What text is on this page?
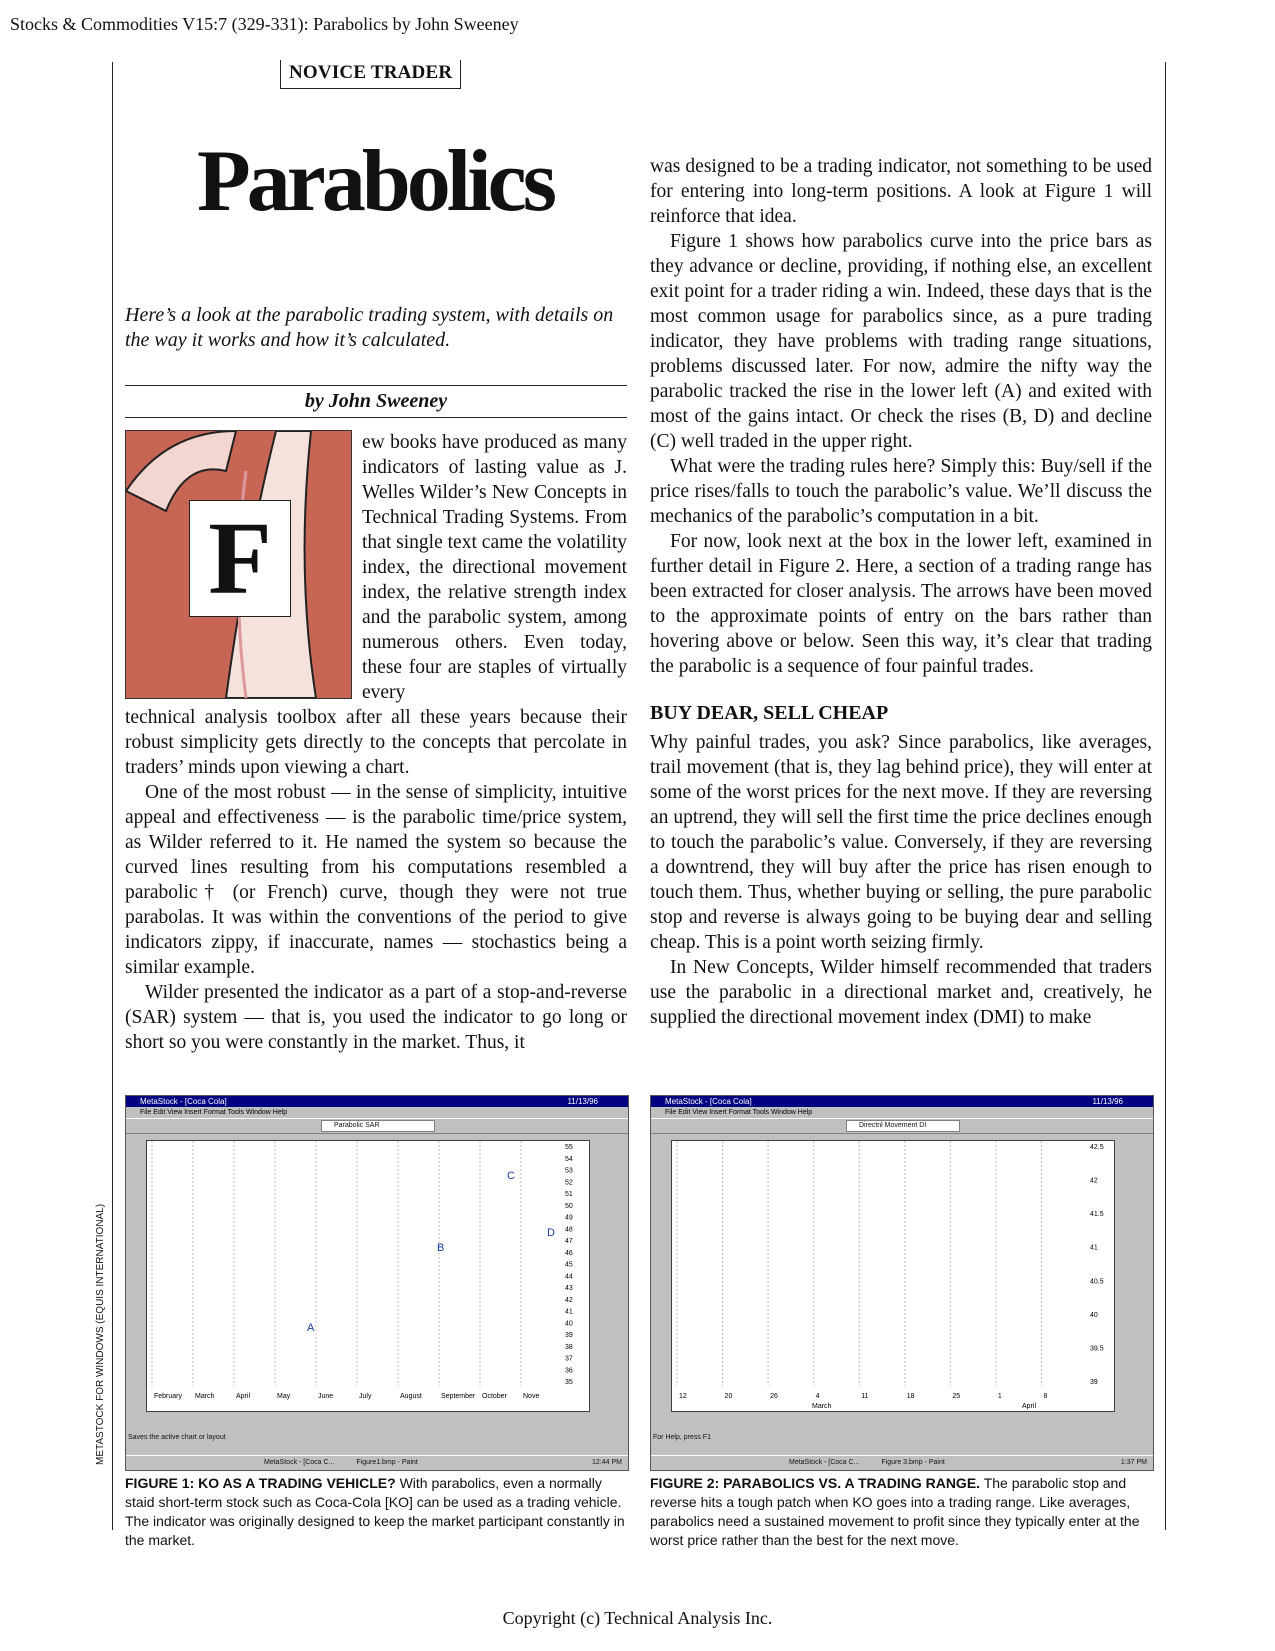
Stocks & Commodities V15:7 (329-331): Parabolics by John Sweeney
NOVICE TRADER
Parabolics
Here’s a look at the parabolic trading system, with details on the way it works and how it’s calculated.
by John Sweeney
F

ew books have produced as many indicators of lasting value as J. Welles Wilder’s New Concepts in Technical Trading Systems. From that single text came the volatility index, the directional movement index, the relative strength index and the parabolic system, among numerous others. Even today, these four are staples of virtually every

technical analysis toolbox after all these years because their robust simplicity gets directly to the concepts that percolate in traders’ minds upon viewing a chart.

One of the most robust — in the sense of simplicity, intuitive appeal and effectiveness — is the parabolic time/price system, as Wilder referred to it. He named the system so because the curved lines resulting from his computations resembled a parabolic† (or French) curve, though they were not true parabolas. It was within the conventions of the period to give indicators zippy, if inaccurate, names — stochastics being a similar example.

Wilder presented the indicator as a part of a stop-and-reverse (SAR) system — that is, you used the indicator to go long or short so you were constantly in the market. Thus, it

was designed to be a trading indicator, not something to be used for entering into long-term positions. A look at Figure 1 will reinforce that idea.

Figure 1 shows how parabolics curve into the price bars as they advance or decline, providing, if nothing else, an excellent exit point for a trader riding a win. Indeed, these days that is the most common usage for parabolics since, as a pure trading indicator, they have problems with trading range situations, problems discussed later. For now, admire the nifty way the parabolic tracked the rise in the lower left (A) and exited with most of the gains intact. Or check the rises (B, D) and decline (C) well traded in the upper right.

What were the trading rules here? Simply this: Buy/sell if the price rises/falls to touch the parabolic’s value. We’ll discuss the mechanics of the parabolic’s computation in a bit.

For now, look next at the box in the lower left, examined in further detail in Figure 2. Here, a section of a trading range has been extracted for closer analysis. The arrows have been moved to the approximate points of entry on the bars rather than hovering above or below. Seen this way, it’s clear that trading the parabolic is a sequence of four painful trades.

BUY DEAR, SELL CHEAP

Why painful trades, you ask? Since parabolics, like averages, trail movement (that is, they lag behind price), they will enter at some of the worst prices for the next move. If they are reversing an uptrend, they will sell the first time the price declines enough to touch the parabolic’s value. Conversely, if they are reversing a downtrend, they will buy after the price has risen enough to touch them. Thus, whether buying or selling, the pure parabolic stop and reverse is always going to be buying dear and selling cheap. This is a point worth seizing firmly.

In New Concepts, Wilder himself recommended that traders use the parabolic in a directional market and, creatively, he supplied the directional movement index (DMI) to make

MetaStock - [Coca Cola]	11/13/96
File Edit View Insert Format Tools Window Help
Parabolic SAR
35
36
37
38
39
40
41
42
43
44
45
46
47
48
49
50
51
52
53
54
55
February March	April	May	June	July	August	September October Nove
A
B
C
D
Saves the active chart or layout
MetaStock - [Coca C...	Figure1.bmp - Paint	12:44 PM
FIGURE 1: KO AS A TRADING VEHICLE? With parabolics, even a normally staid short-term stock such as Coca-Cola [KO] can be used as a trading vehicle. The indicator was originally designed to keep the market participant constantly in the market.
MetaStock - [Coca Cola]	11/13/96
File Edit View Insert Format Tools Window Help
Directnl Movement DI
39
39.5
40
40.5
41
41.5
42
42.5
12	20	26	4	11	18	25	1	8
March	April
For Help, press F1
MetaStock - [Coca C...	Figure 3.bmp - Paint	1:37 PM
FIGURE 2: PARABOLICS VS. A TRADING RANGE. The parabolic stop and reverse hits a tough patch when KO goes into a trading range. Like averages, parabolics need a sustained movement to profit since they typically enter at the worst price rather than the best for the next move.
METASTOCK FOR WINDOWS (EQUIS INTERNATIONAL)
Copyright (c) Technical Analysis Inc.
